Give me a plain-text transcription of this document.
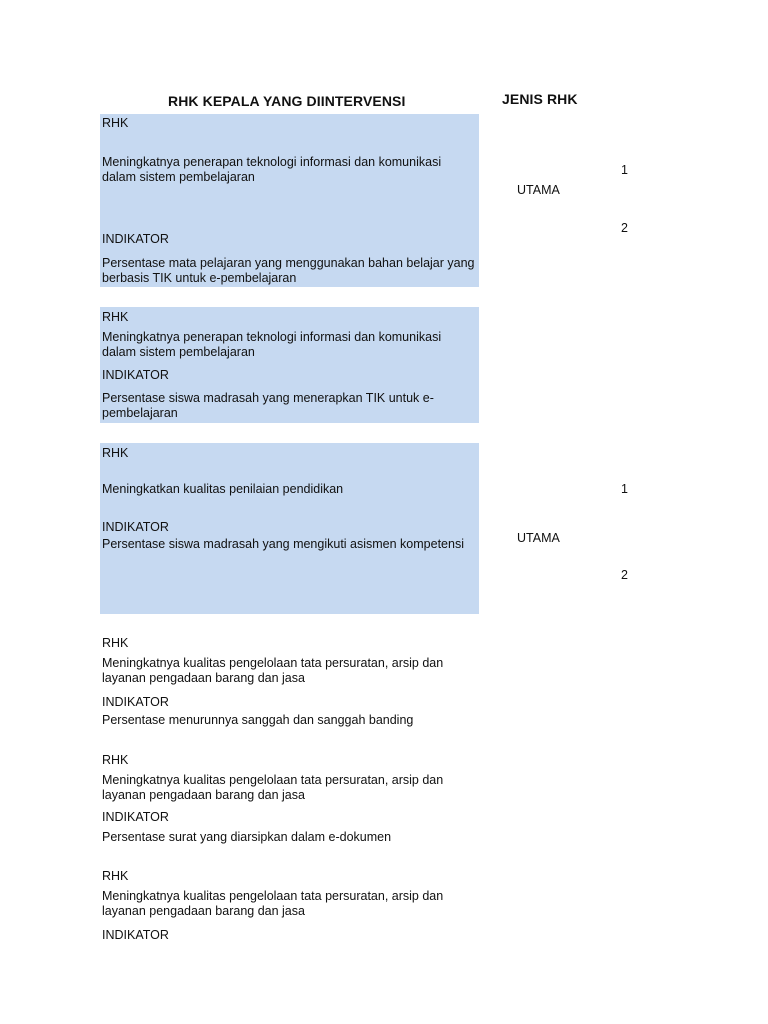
RHK KEPALA YANG DIINTERVENSI	JENIS RHK
RHK
Meningkatnya penerapan teknologi informasi dan komunikasi dalam sistem pembelajaran
INDIKATOR
Persentase mata pelajaran yang menggunakan bahan belajar yang berbasis TIK untuk e-pembelajaran
UTAMA
1
2
RHK
Meningkatnya penerapan teknologi informasi dan komunikasi dalam sistem pembelajaran
INDIKATOR
Persentase siswa madrasah yang menerapkan TIK untuk e-pembelajaran
RHK
Meningkatkan kualitas penilaian pendidikan
INDIKATOR
Persentase siswa madrasah yang mengikuti asismen kompetensi	UTAMA
1
2
RHK
Meningkatnya kualitas pengelolaan tata persuratan, arsip dan layanan pengadaan barang dan jasa
INDIKATOR
Persentase menurunnya sanggah dan sanggah banding
RHK
Meningkatnya kualitas pengelolaan tata persuratan, arsip dan layanan pengadaan barang dan jasa
INDIKATOR
Persentase surat yang diarsipkan dalam e-dokumen
RHK
Meningkatnya kualitas pengelolaan tata persuratan, arsip dan layanan pengadaan barang dan jasa
INDIKATOR
